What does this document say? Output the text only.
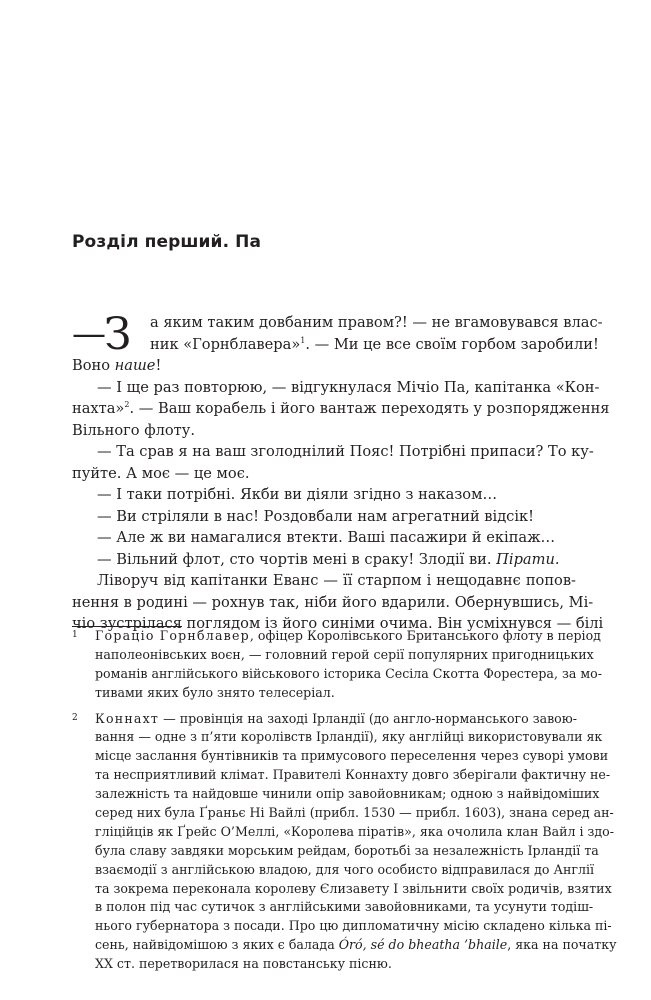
Розділ перший. Па
—
З а яким таким довбаним правом?! — не вгамовувався влас-
ник «Горнблавера»$^1$. — Ми це все своїм горбом заробили!
Воно наше!
— І ще раз повторюю, — відгукнулася Мічіо Па, капітанка «Кон-
нахта»$^2$. — Ваш корабель і його вантаж переходять у розпорядження
Вільного флоту.
— Та срав я на ваш зголоднілий Пояс! Потрібні припаси? То ку-
пуйте. А моє — це моє.
— І таки потрібні. Якби ви діяли згідно з наказом…
— Ви стріляли в нас! Роздовбали нам агрегатний відсік!
— Але ж ви намагалися втекти. Ваші пасажири й екіпаж…
— Вільний флот, сто чортів мені в сраку! Злодії ви. Пірати.
Ліворуч від капітанки Еванс — її старпом і нещодавнє попов-
нення в родині — рохнув так, ніби його вдарили. Обернувшись, Мі-
чіо зустрілася поглядом із його синіми очима. Він усміхнувся — білі
1 Гораціо Горнблавер, офіцер Королівського Британського флоту в період
наполеонівських воєн, — головний герой серії популярних пригодницьких
романів англійського військового історика Сесіла Скотта Форестера, за мо-
тивами яких було знято телесеріал.
2 Коннахт — провінція на заході Ірландії (до англо-норманського завою-
вання — одне з п’яти королівств Ірландії), яку англійці використовували як
місце заслання бунтівників та примусового переселення через суворі умови
та несприятливий клімат. Правителі Коннахту довго зберігали фактичну не-
залежність та найдовше чинили опір завойовникам; одною з найвідоміших
серед них була Ґраньє Ні Вайлі (прибл. 1530 — прибл. 1603), знана серед ан-
гліційців як Ґрейс О’Меллі, «Королева піратів», яка очолила клан Вайл і здо-
була славу завдяки морським рейдам, боротьбі за незалежність Ірландії та
взаємодії з англійською владою, для чого особисто відправилася до Англії
та зокрема переконала королеву Єлизавету I звільнити своїх родичів, взятих
в полон під час сутичок з англійськими завойовниками, та усунути тодіш-
нього губернатора з посади. Про цю дипломатичну місію складено кілька пі-
сень, найвідомішою з яких є балада Óró, sé do bheatha ’bhaile, яка на початку
XX ст. перетворилася на повстанську пісню.
